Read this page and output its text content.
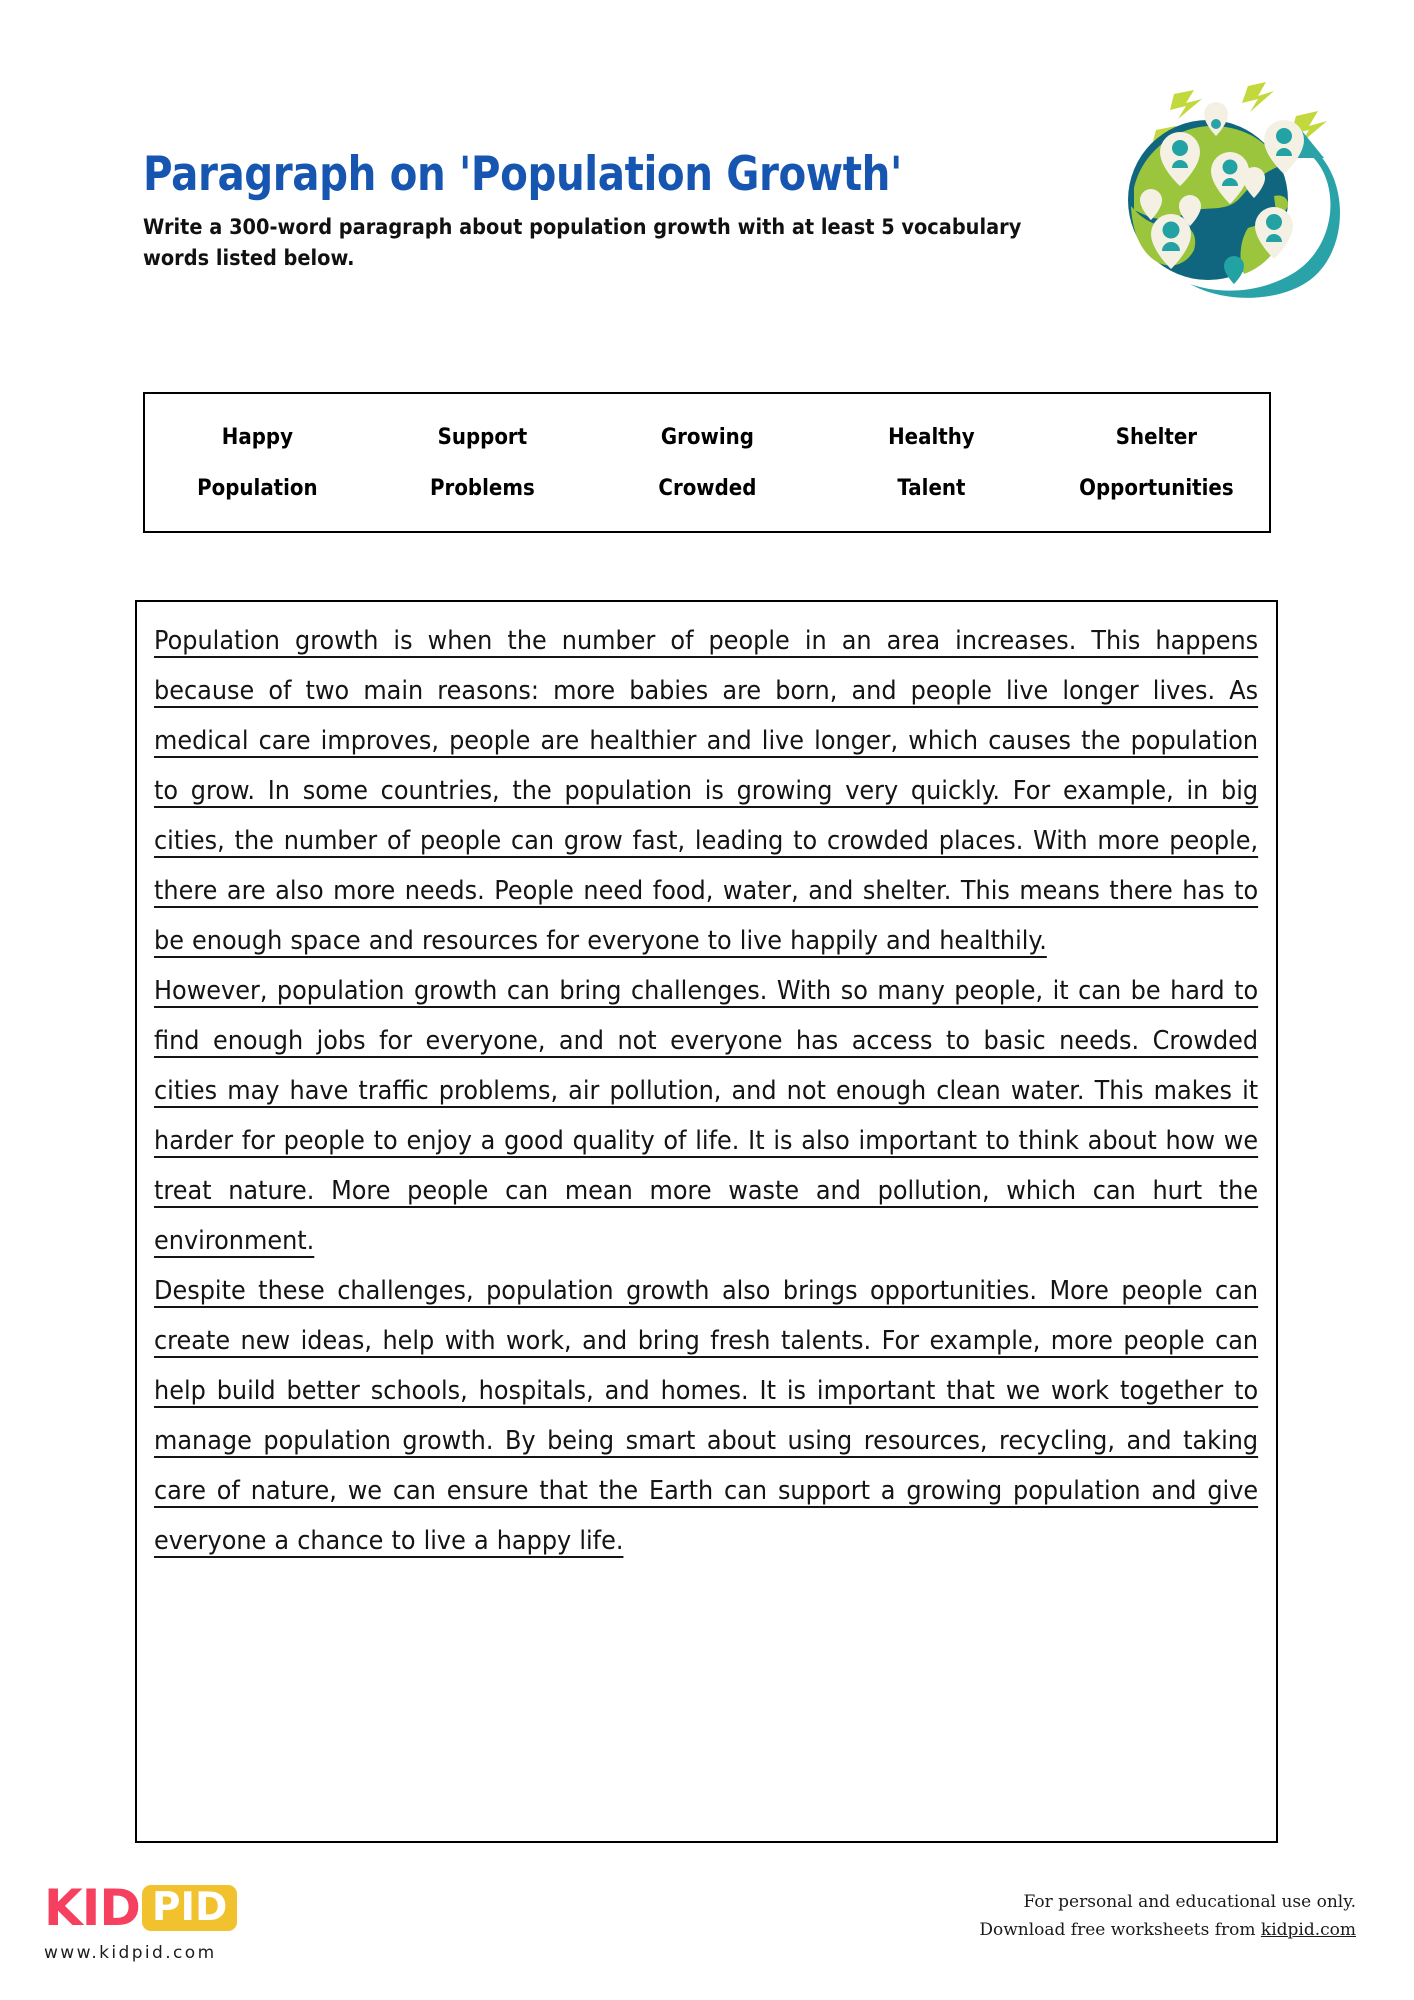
Paragraph on 'Population Growth'
Write a 300-word paragraph about population growth with at least 5 vocabulary words listed below.
Happy	Support	Growing	Healthy	Shelter
Population	Problems	Crowded	Talent	Opportunities

Population growth is when the number of people in an area increases. This happens because of two main reasons: more babies are born, and people live longer lives. As medical care improves, people are healthier and live longer, which causes the population to grow. In some countries, the population is growing very quickly. For example, in big cities, the number of people can grow fast, leading to crowded places. With more people, there are also more needs. People need food, water, and shelter. This means there has to be enough space and resources for everyone to live happily and healthily.

However, population growth can bring challenges. With so many people, it can be hard to find enough jobs for everyone, and not everyone has access to basic needs. Crowded cities may have traffic problems, air pollution, and not enough clean water. This makes it harder for people to enjoy a good quality of life. It is also important to think about how we treat nature. More people can mean more waste and pollution, which can hurt the environment.

Despite these challenges, population growth also brings opportunities. More people can create new ideas, help with work, and bring fresh talents. For example, more people can help build better schools, hospitals, and homes. It is important that we work together to manage population growth. By being smart about using resources, recycling, and taking care of nature, we can ensure that the Earth can support a growing population and give everyone a chance to live a happy life.

KID PID
www.kidpid.com
For personal and educational use only.
Download free worksheets from kidpid.com
